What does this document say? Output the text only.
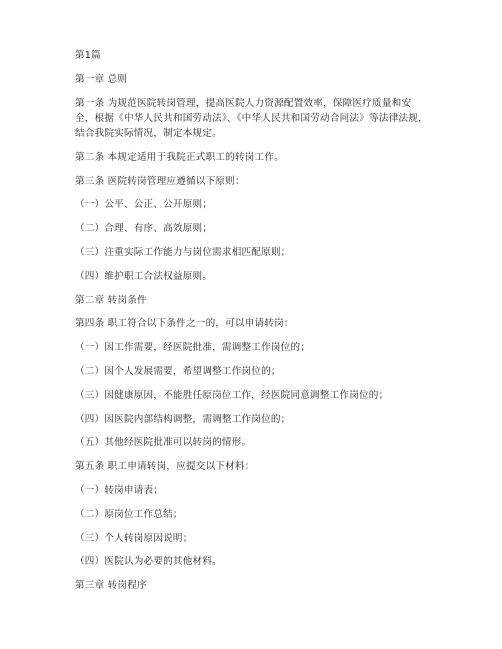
第1篇
第一章 总则
第一条 为规范医院转岗管理，提高医院人力资源配置效率，保障医疗质量和安全，根据《中华人民共和国劳动法》、《中华人民共和国劳动合同法》等法律法规，结合我院实际情况，制定本规定。
第二条 本规定适用于我院正式职工的转岗工作。
第三条 医院转岗管理应遵循以下原则：
（一）公平、公正、公开原则；
（二）合理、有序、高效原则；
（三）注重实际工作能力与岗位需求相匹配原则；
（四）维护职工合法权益原则。
第二章 转岗条件
第四条 职工符合以下条件之一的，可以申请转岗：
（一）因工作需要，经医院批准，需调整工作岗位的；
（二）因个人发展需要，希望调整工作岗位的；
（三）因健康原因，不能胜任原岗位工作，经医院同意调整工作岗位的；
（四）因医院内部结构调整，需调整工作岗位的；
（五）其他经医院批准可以转岗的情形。
第五条 职工申请转岗，应提交以下材料：
（一）转岗申请表；
（二）原岗位工作总结；
（三）个人转岗原因说明；
（四）医院认为必要的其他材料。
第三章 转岗程序
